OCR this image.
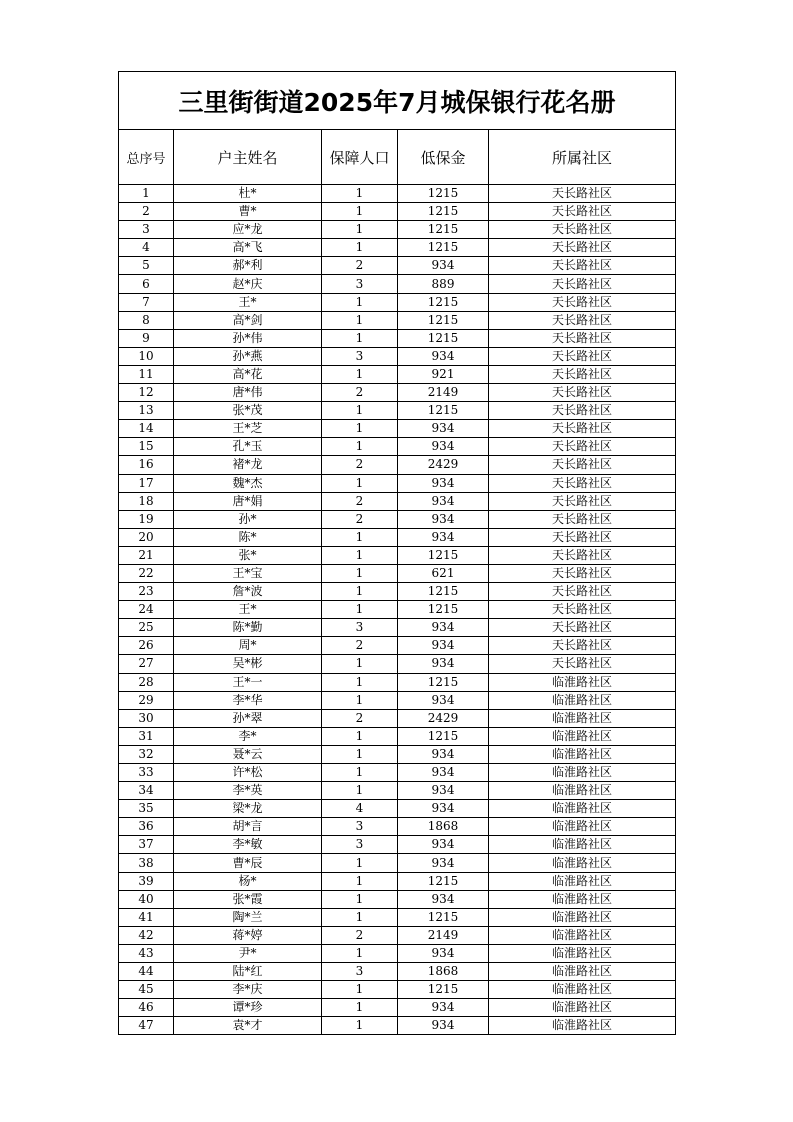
三里街街道2025年7月城保银行花名册				
总序号	户主姓名	保障人口	低保金	所属社区
1	杜*	1	1215	天长路社区
2	曹*	1	1215	天长路社区
3	应*龙	1	1215	天长路社区
4	高*飞	1	1215	天长路社区
5	郝*利	2	934	天长路社区
6	赵*庆	3	889	天长路社区
7	王*	1	1215	天长路社区
8	高*剑	1	1215	天长路社区
9	孙*伟	1	1215	天长路社区
10	孙*燕	3	934	天长路社区
11	高*花	1	921	天长路社区
12	唐*伟	2	2149	天长路社区
13	张*茂	1	1215	天长路社区
14	王*芝	1	934	天长路社区
15	孔*玉	1	934	天长路社区
16	褚*龙	2	2429	天长路社区
17	魏*杰	1	934	天长路社区
18	唐*娟	2	934	天长路社区
19	孙*	2	934	天长路社区
20	陈*	1	934	天长路社区
21	张*	1	1215	天长路社区
22	王*宝	1	621	天长路社区
23	詹*波	1	1215	天长路社区
24	王*	1	1215	天长路社区
25	陈*勤	3	934	天长路社区
26	周*	2	934	天长路社区
27	吴*彬	1	934	天长路社区
28	王*一	1	1215	临淮路社区
29	李*华	1	934	临淮路社区
30	孙*翠	2	2429	临淮路社区
31	李*	1	1215	临淮路社区
32	聂*云	1	934	临淮路社区
33	许*松	1	934	临淮路社区
34	李*英	1	934	临淮路社区
35	梁*龙	4	934	临淮路社区
36	胡*言	3	1868	临淮路社区
37	李*敏	3	934	临淮路社区
38	曹*辰	1	934	临淮路社区
39	杨*	1	1215	临淮路社区
40	张*霞	1	934	临淮路社区
41	陶*兰	1	1215	临淮路社区
42	蒋*婷	2	2149	临淮路社区
43	尹*	1	934	临淮路社区
44	陆*红	3	1868	临淮路社区
45	李*庆	1	1215	临淮路社区
46	谭*珍	1	934	临淮路社区
47	袁*才	1	934	临淮路社区
